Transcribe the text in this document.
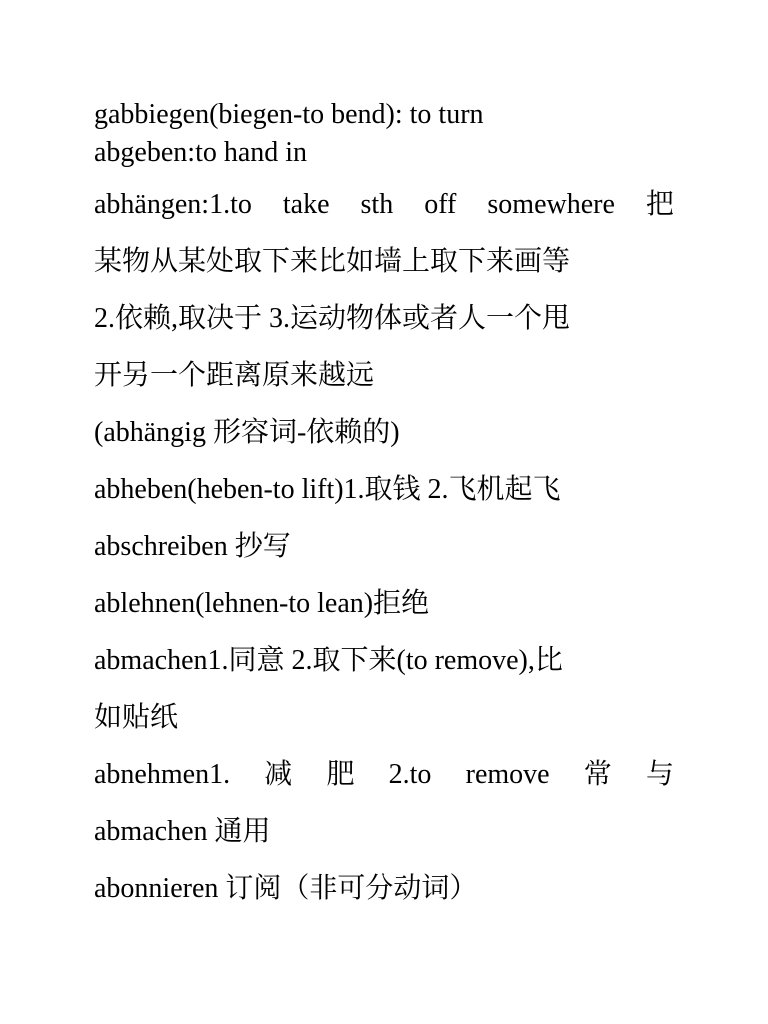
gabbiegen(biegen-to bend): to turn
abgeben:to hand in
abhängen:1.to take sth off somewhere 把
某物从某处取下来比如墙上取下来画等
2.依赖,取决于 3.运动物体或者人一个甩
开另一个距离原来越远
(abhängig 形容词-依赖的)
abheben(heben-to lift)1.取钱 2.飞机起飞
abschreiben 抄写
ablehnen(lehnen-to lean)拒绝
abmachen1.同意 2.取下来(to remove),比
如贴纸
abnehmen1. 减 肥 2.to remove 常 与
abmachen 通用
abonnieren 订阅（非可分动词）
